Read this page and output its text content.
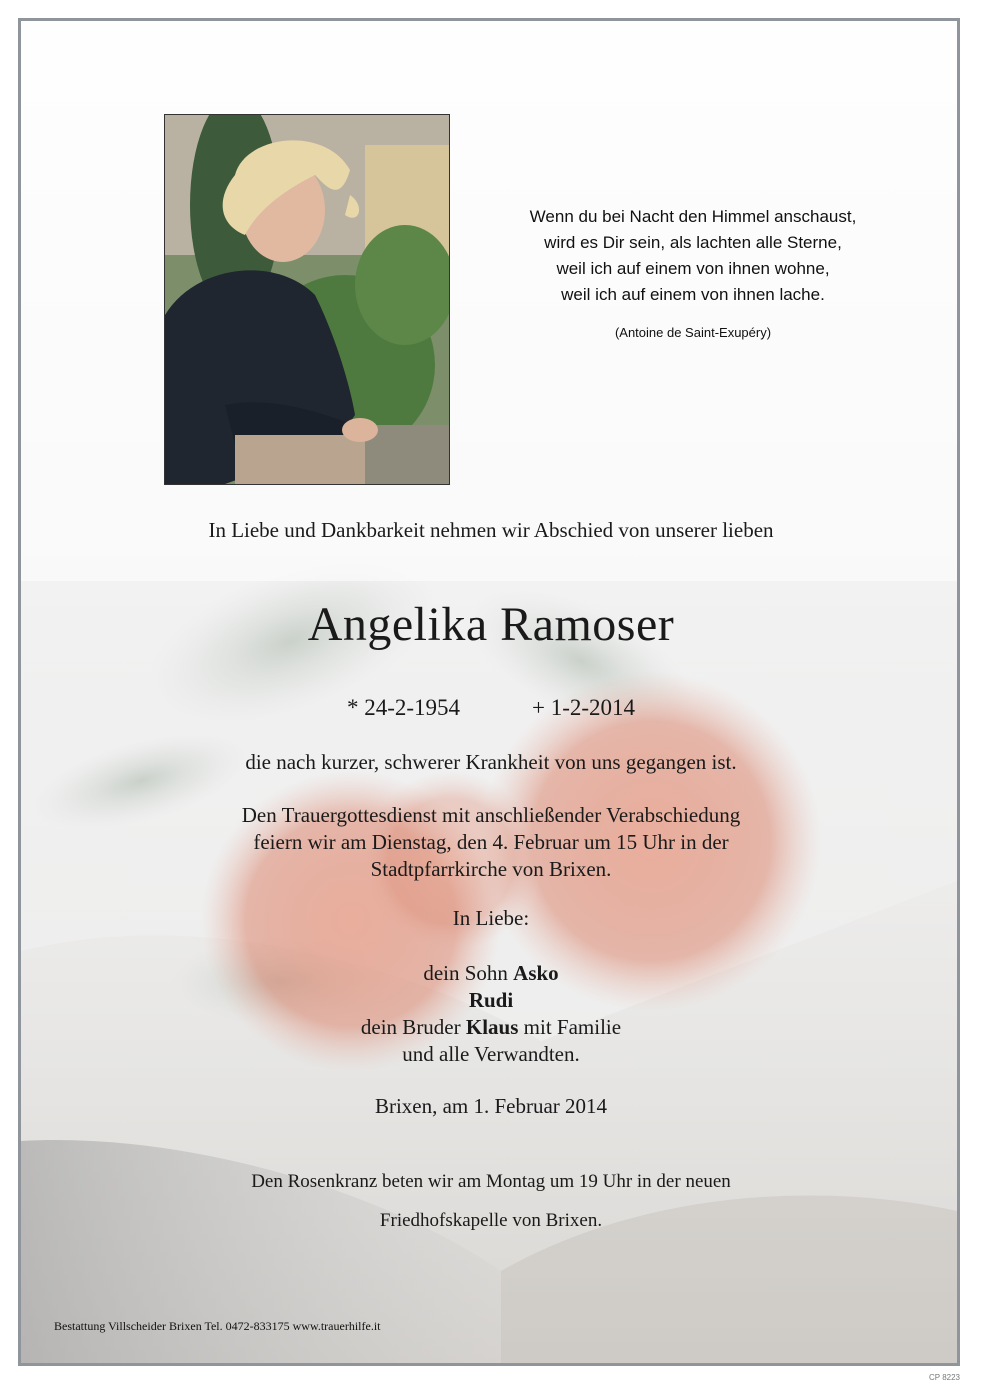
Wenn du bei Nacht den Himmel anschaust,
wird es Dir sein, als lachten alle Sterne,
weil ich auf einem von ihnen wohne,
weil ich auf einem von ihnen lache.
(Antoine de Saint-Exupéry)
In Liebe und Dankbarkeit nehmen wir Abschied von unserer lieben
Angelika Ramoser
* 24-2-1954	+ 1-2-2014
die nach kurzer, schwerer Krankheit von uns gegangen ist.
Den Trauergottesdienst mit anschließender Verabschiedung
feiern wir am Dienstag, den 4. Februar um 15 Uhr in der
Stadtpfarrkirche von Brixen.
In Liebe:
dein Sohn Asko
Rudi
dein Bruder Klaus mit Familie
und alle Verwandten.
Brixen, am 1. Februar 2014
Den Rosenkranz beten wir am Montag um 19 Uhr in der neuen
Friedhofskapelle von Brixen.
Bestattung Villscheider Brixen Tel. 0472-833175 www.trauerhilfe.it
CP 8223
